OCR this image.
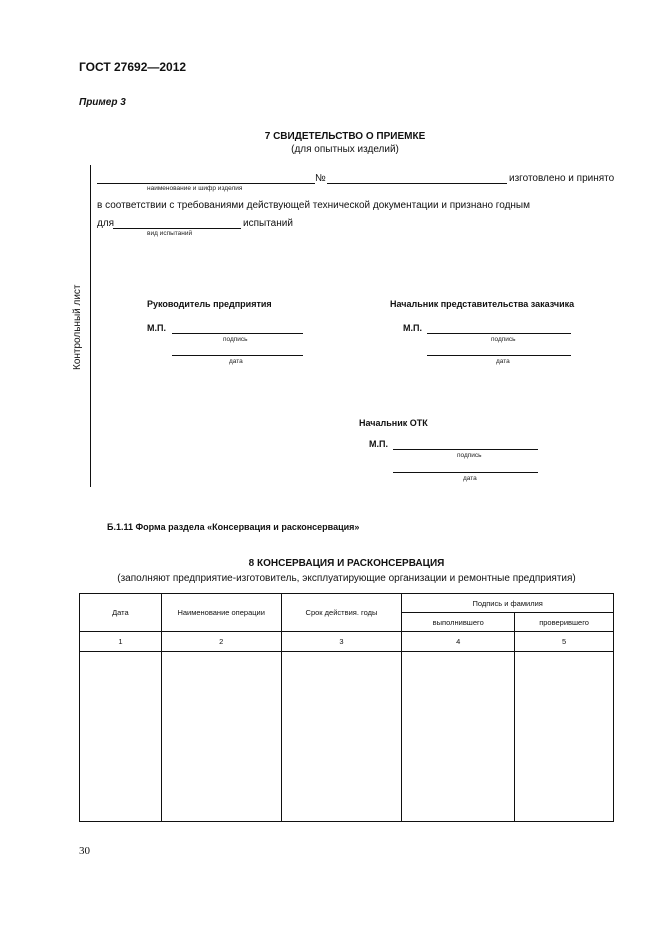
ГОСТ 27692—2012
Пример 3
7 СВИДЕТЕЛЬСТВО О ПРИЕМКЕ
(для опытных изделий)
Контрольный лист
наименование и шифр изделия
№	изготовлено и принято
в соответствии с требованиями действующей технической документации и признано годным
для	испытаний
вид испытаний
Руководитель предприятия
М.П.
подпись
дата
Начальник представительства заказчика
М.П.
подпись
дата
Начальник ОТК
М.П.
подпись
дата
Б.1.11 Форма раздела «Консервация и расконсервация»
8 КОНСЕРВАЦИЯ И РАСКОНСЕРВАЦИЯ
(заполняют предприятие-изготовитель, эксплуатирующие организации и ремонтные предприятия)
Дата	Наименование операции	Срок действия. годы	Подпись и фамилия	
			выполнившего	проверившего
1	2	3	4	5

30
